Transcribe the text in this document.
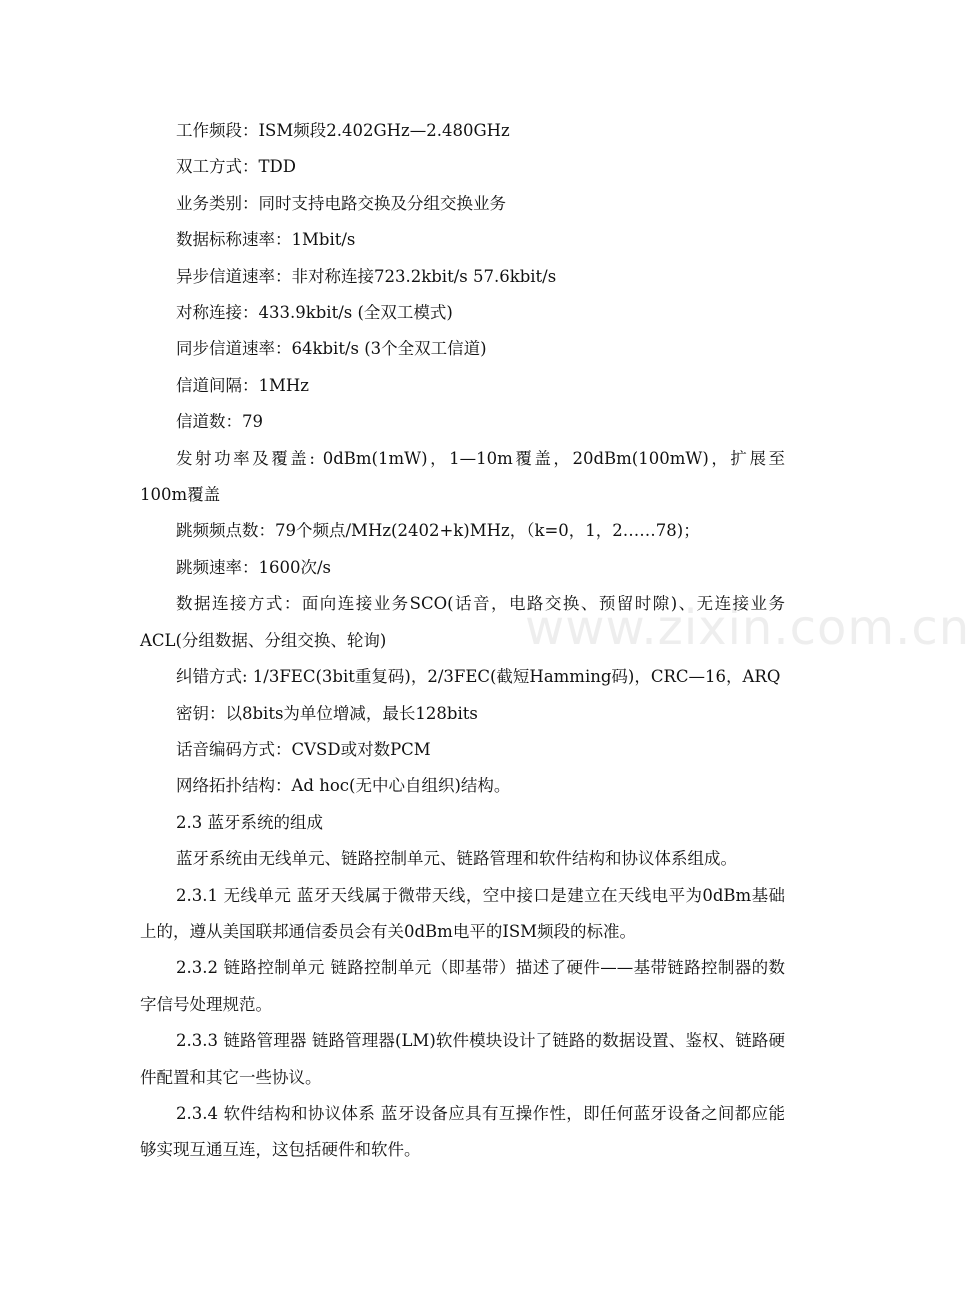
工作频段：ISM频段2.402GHz—2.480GHz

双工方式：TDD

业务类别：同时支持电路交换及分组交换业务

数据标称速率：1Mbit/s

异步信道速率：非对称连接723.2kbit/s 57.6kbit/s

对称连接：433.9kbit/s (全双工模式)

同步信道速率：64kbit/s (3个全双工信道)

信道间隔：1MHz

信道数：79

发射功率及覆盖: 0dBm(1mW)，1—10m覆盖，20dBm(100mW)，扩展至100m覆盖

跳频频点数：79个频点/MHz(2402+k)MHz，（k=0，1，2……78)；

跳频速率：1600次/s

数据连接方式：面向连接业务SCO(话音，电路交换、预留时隙)、无连接业务ACL(分组数据、分组交换、轮询)

纠错方式: 1/3FEC(3bit重复码)，2/3FEC(截短Hamming码)，CRC—16，ARQ

密钥：以8bits为单位增减，最长128bits

话音编码方式：CVSD或对数PCM

网络拓扑结构：Ad hoc(无中心自组织)结构。

2.3 蓝牙系统的组成

蓝牙系统由无线单元、链路控制单元、链路管理和软件结构和协议体系组成。

2.3.1 无线单元 蓝牙天线属于微带天线，空中接口是建立在天线电平为0dBm基础上的，遵从美国联邦通信委员会有关0dBm电平的ISM频段的标准。

2.3.2 链路控制单元 链路控制单元（即基带）描述了硬件——基带链路控制器的数字信号处理规范。

2.3.3 链路管理器 链路管理器(LM)软件模块设计了链路的数据设置、鉴权、链路硬件配置和其它一些协议。

2.3.4 软件结构和协议体系 蓝牙设备应具有互操作性，即任何蓝牙设备之间都应能够实现互通互连，这包括硬件和软件。

www.zixin.com.cn
